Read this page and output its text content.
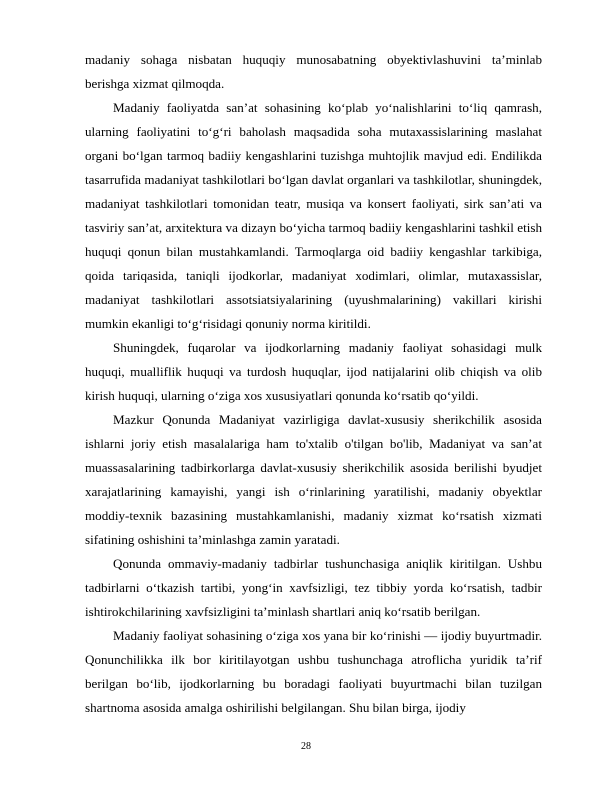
madaniy sohaga nisbatan huquqiy munosabatning obyektivlashuvini taʼminlab berishga xizmat qilmoqda.

Madaniy faoliyatda sanʼat sohasining koʻplab yoʻnalishlarini toʻliq qamrash, ularning faoliyatini toʻgʻri baholash maqsadida soha mutaxassislarining maslahat organi boʻlgan tarmoq badiiy kengashlarini tuzishga muhtojlik mavjud edi. Endilikda tasarrufida madaniyat tashkilotlari boʻlgan davlat organlari va tashkilotlar, shuningdek, madaniyat tashkilotlari tomonidan teatr, musiqa va konsert faoliyati, sirk sanʼati va tasviriy sanʼat, arxitektura va dizayn boʻyicha tarmoq badiiy kengashlarini tashkil etish huquqi qonun bilan mustahkamlandi. Tarmoqlarga oid badiiy kengashlar tarkibiga, qoida tariqasida, taniqli ijodkorlar, madaniyat xodimlari, olimlar, mutaxassislar, madaniyat tashkilotlari assotsiatsiyalarining (uyushmalarining) vakillari kirishi mumkin ekanligi toʻgʻrisidagi qonuniy norma kiritildi.

Shuningdek, fuqarolar va ijodkorlarning madaniy faoliyat sohasidagi mulk huquqi, mualliflik huquqi va turdosh huquqlar, ijod natijalarini olib chiqish va olib kirish huquqi, ularning oʻziga xos xususiyatlari qonunda koʻrsatib qoʻyildi.

Mazkur Qonunda Madaniyat vazirligiga davlat-xususiy sherikchilik asosida ishlarni joriy etish masalalariga ham to'xtalib o'tilgan bo'lib, Madaniyat va sanʼat muassasalarining tadbirkorlarga davlat-xususiy sherikchilik asosida berilishi byudjet xarajatlarining kamayishi, yangi ish oʻrinlarining yaratilishi, madaniy obyektlar moddiy-texnik bazasining mustahkamlanishi, madaniy xizmat koʻrsatish xizmati sifatining oshishini taʼminlashga zamin yaratadi.

Qonunda ommaviy-madaniy tadbirlar tushunchasiga aniqlik kiritilgan. Ushbu tadbirlarni oʻtkazish tartibi, yongʻin xavfsizligi, tez tibbiy yorda koʻrsatish, tadbir ishtirokchilarining xavfsizligini taʼminlash shartlari aniq koʻrsatib berilgan.

Madaniy faoliyat sohasining oʻziga xos yana bir koʻrinishi — ijodiy buyurtmadir. Qonunchilikka ilk bor kiritilayotgan ushbu tushunchaga atroflicha yuridik taʼrif berilgan boʻlib, ijodkorlarning bu boradagi faoliyati buyurtmachi bilan tuzilgan shartnoma asosida amalga oshirilishi belgilangan. Shu bilan birga, ijodiy

28
